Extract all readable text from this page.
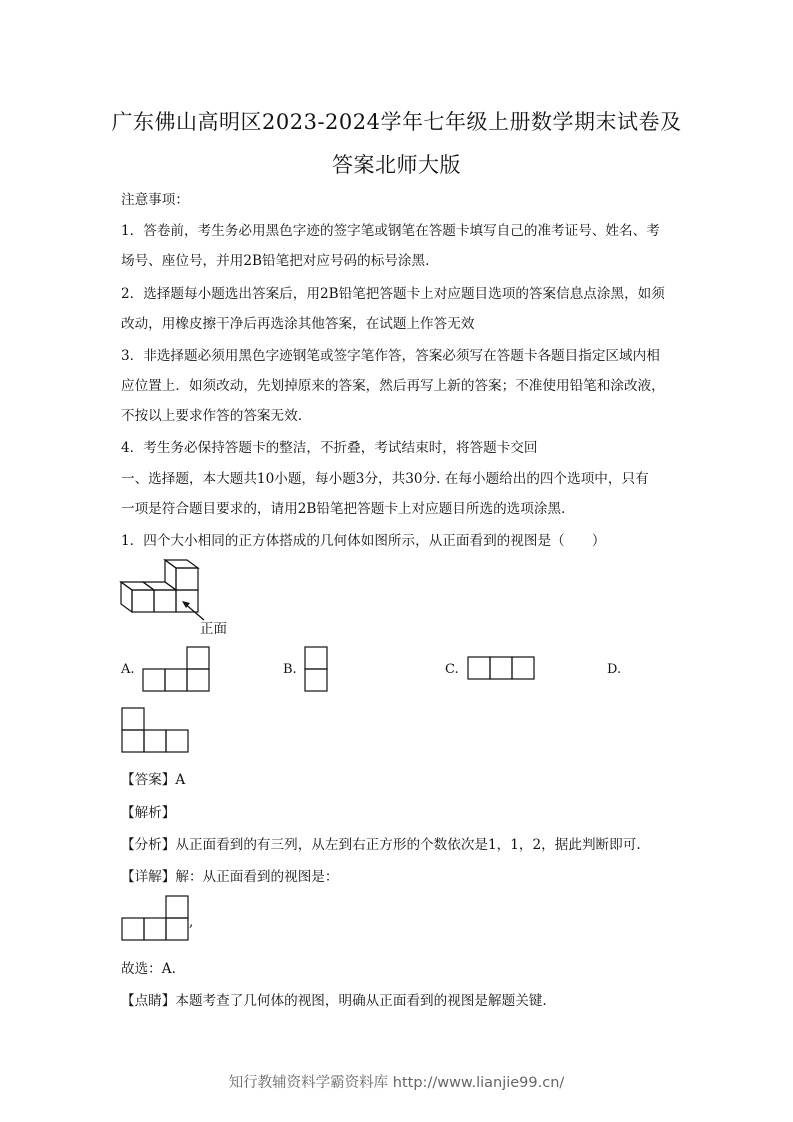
广东佛山高明区2023-2024学年七年级上册数学期末试卷及
答案北师大版
注意事项：
1．答卷前，考生务必用黑色字迹的签字笔或钢笔在答题卡填写自己的准考证号、姓名、考
场号、座位号，并用2B铅笔把对应号码的标号涂黑.
2．选择题每小题选出答案后，用2B铅笔把答题卡上对应题目选项的答案信息点涂黑，如须
改动，用橡皮擦干净后再选涂其他答案，在试题上作答无效
3．非选择题必须用黑色字迹钢笔或签字笔作答，答案必须写在答题卡各题目指定区域内相
应位置上．如须改动，先划掉原来的答案，然后再写上新的答案；不准使用铅笔和涂改液，
不按以上要求作答的答案无效.
4．考生务必保持答题卡的整洁，不折叠，考试结束时，将答题卡交回
一、选择题，本大题共10小题，每小题3分，共30分. 在每小题给出的四个选项中，只有
一项是符合题目要求的，请用2B铅笔把答题卡上对应题目所选的选项涂黑.
1．四个大小相同的正方体搭成的几何体如图所示，从正面看到的视图是（　　）
正面
A.	B.	C.	D.
【答案】A
【解析】
【分析】从正面看到的有三列，从左到右正方形的个数依次是1，1，2，据此判断即可.
【详解】解：从正面看到的视图是：
,
故选：A.
【点睛】本题考查了几何体的视图，明确从正面看到的视图是解题关键.
知行教辅资料学霸资料库 http://www.lianjie99.cn/
